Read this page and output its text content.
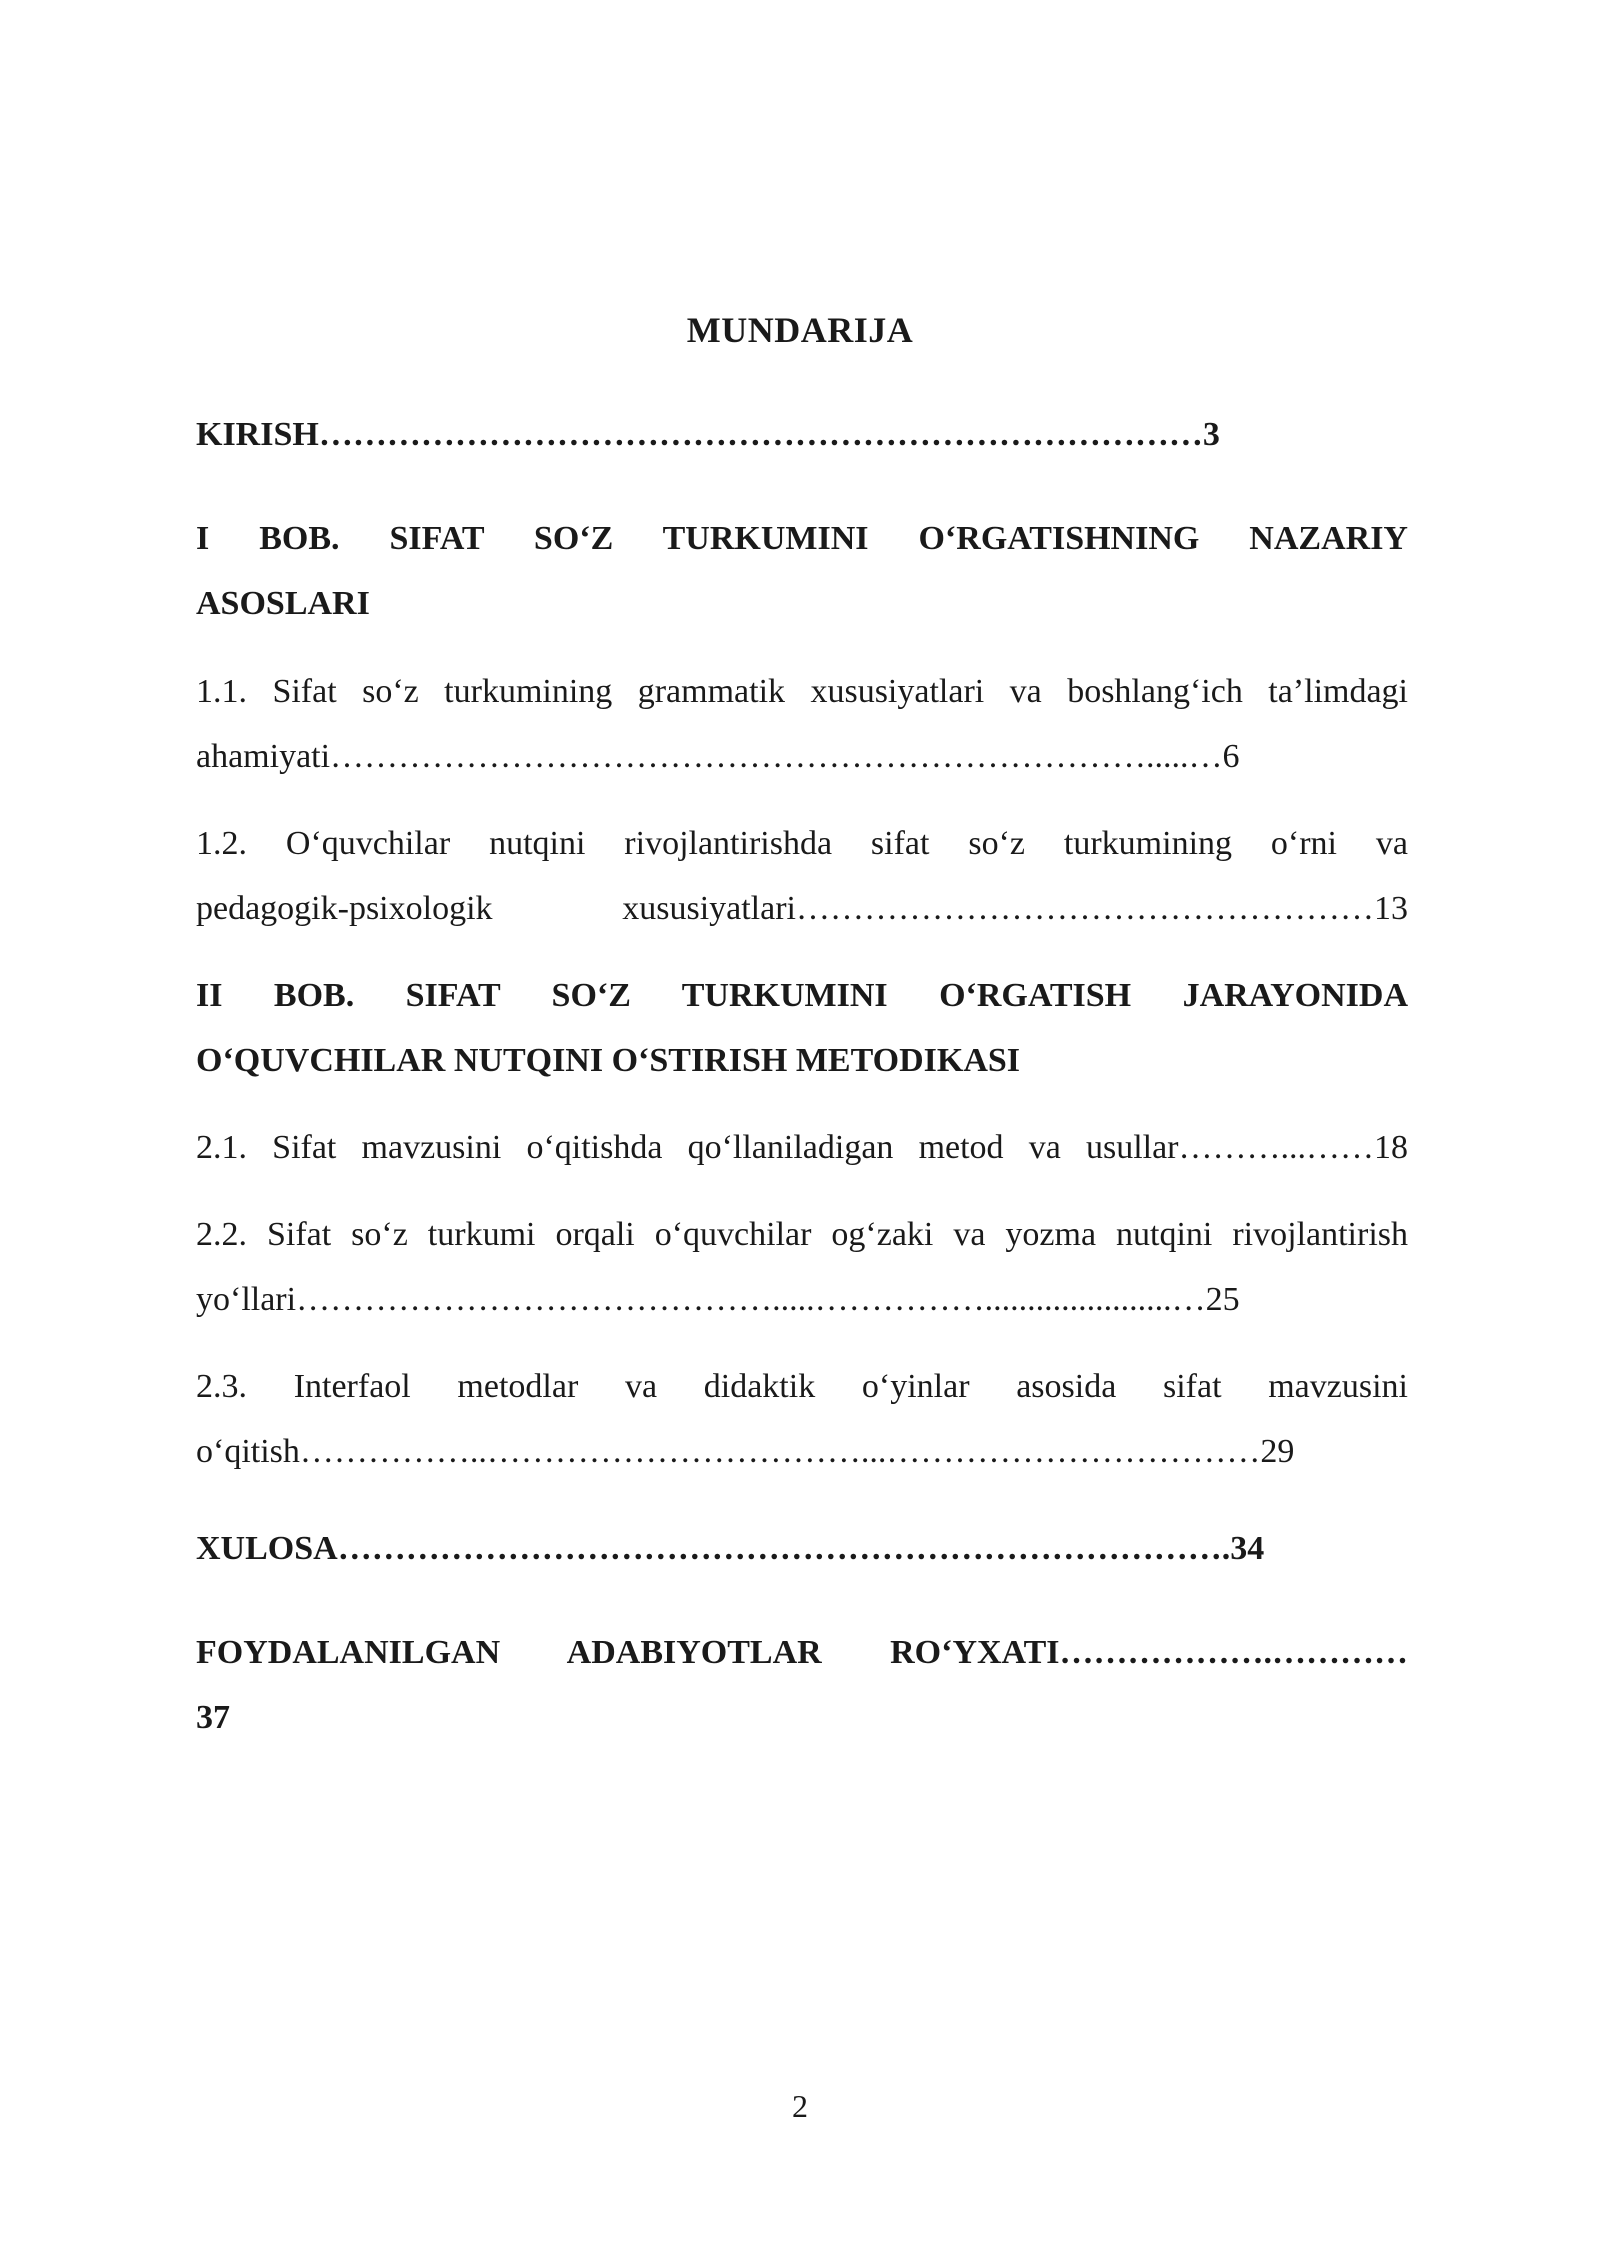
MUNDARIJA
KIRISH……………………………………………………………………3
I BOB. SIFAT SO‘Z TURKUMINI O‘RGATISHNING NAZARIY
ASOSLARI
1.1. Sifat so‘z turkumining grammatik xususiyatlari va boshlang‘ich ta’limdagi
ahamiyati……………………………………………………………….....…6
1.2. O‘quvchilar nutqini rivojlantirishda sifat so‘z turkumining o‘rni va
pedagogik-psixologik xususiyatlari……………………………………………13
II BOB. SIFAT SO‘Z TURKUMINI O‘RGATISH JARAYONIDA
O‘QUVCHILAR NUTQINI O‘STIRISH METODIKASI
2.1. Sifat mavzusini o‘qitishda qo‘llaniladigan metod va usullar………...……18
2.2. Sifat so‘z turkumi orqali o‘quvchilar og‘zaki va yozma nutqini rivojlantirish
yo‘llari…………………………………….....……………......................…25
2.3. Interfaol metodlar va didaktik o‘yinlar asosida sifat mavzusini
o‘qitish……………..……………………………...……………………………29
XULOSA…………………………………………………………………….34
FOYDALANILGAN ADABIYOTLAR RO‘YXATI……………….…………
37
2
